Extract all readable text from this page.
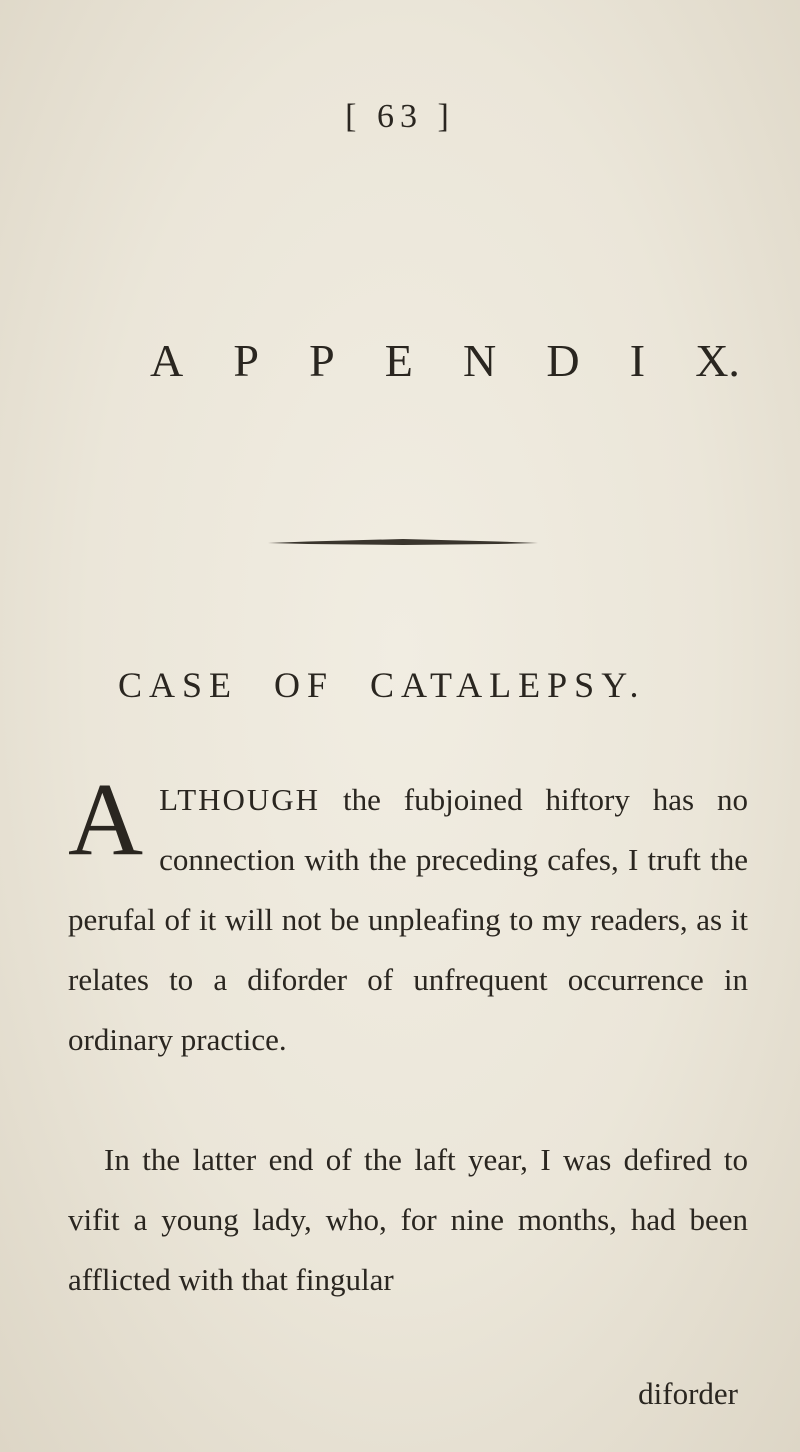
[ 63 ]
A P P E N D I X.
CASE OF CATALEPSY.

ALTHOUGH the fubjoined hiftory has no connection with the preceding cafes, I truft the perufal of it will not be unpleafing to my readers, as it relates to a diforder of unfrequent occurrence in ordinary practice.

In the latter end of the laft year, I was defired to vifit a young lady, who, for nine months, had been afflicted with that fingular

diforder
